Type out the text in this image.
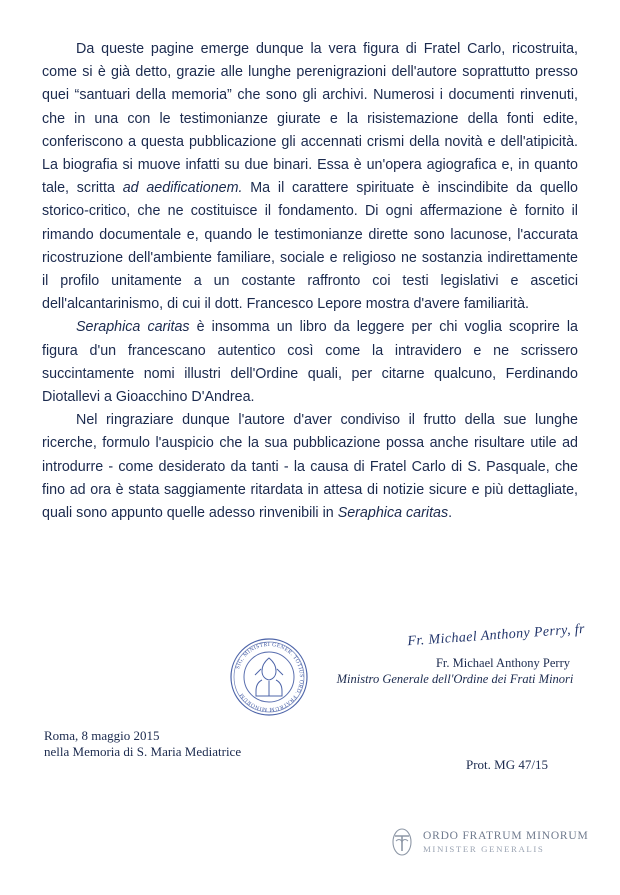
Da queste pagine emerge dunque la vera figura di Fratel Carlo, ricostruita, come si è già detto, grazie alle lunghe perenigrazioni dell'autore soprattutto presso quei “santuari della memoria” che sono gli archivi. Numerosi i documenti rinvenuti, che in una con le testimonianze giurate e la risistemazione della fonti edite, conferiscono a questa pubblicazione gli accennati crismi della novità e dell'atipicità. La biografia si muove infatti su due binari. Essa è un'opera agiografica e, in quanto tale, scritta ad aedificationem. Ma il carattere spirituate è inscindibite da quello storico-critico, che ne costituisce il fondamento. Di ogni affermazione è fornito il rimando documentale e, quando le testimonianze dirette sono lacunose, l'accurata ricostruzione dell'ambiente familiare, sociale e religioso ne sostanzia indirettamente il profilo unitamente a un costante raffronto coi testi legislativi e ascetici dell'alcantarinismo, di cui il dott. Francesco Lepore mostra d'avere familiarità.

Seraphica caritas è insomma un libro da leggere per chi voglia scoprire la figura d'un francescano autentico così come la intravidero e ne scrissero succintamente nomi illustri dell'Ordine quali, per citarne qualcuno, Ferdinando Diotallevi a Gioacchino D'Andrea.

Nel ringraziare dunque l'autore d'aver condiviso il frutto della sue lunghe ricerche, formulo l'auspicio che la sua pubblicazione possa anche risultare utile ad introdurre - come desiderato da tanti - la causa di Fratel Carlo di S. Pasquale, che fino ad ora è stata saggiamente ritardata in attesa di notizie sicure e più dettagliate, quali sono appunto quelle adesso rinvenibili in Seraphica caritas.

SIG. MINISTRI GENER. TOTIUS ORD. FRATRUM MINORUM
Fr. Michael Anthony Perry, fr
Fr. Michael Anthony Perry
Ministro Generale dell'Ordine dei Frati Minori
Roma, 8 maggio 2015
nella Memoria di S. Maria Mediatrice
Prot. MG 47/15
ORDO FRATRUM MINORUM
MINISTER GENERALIS
